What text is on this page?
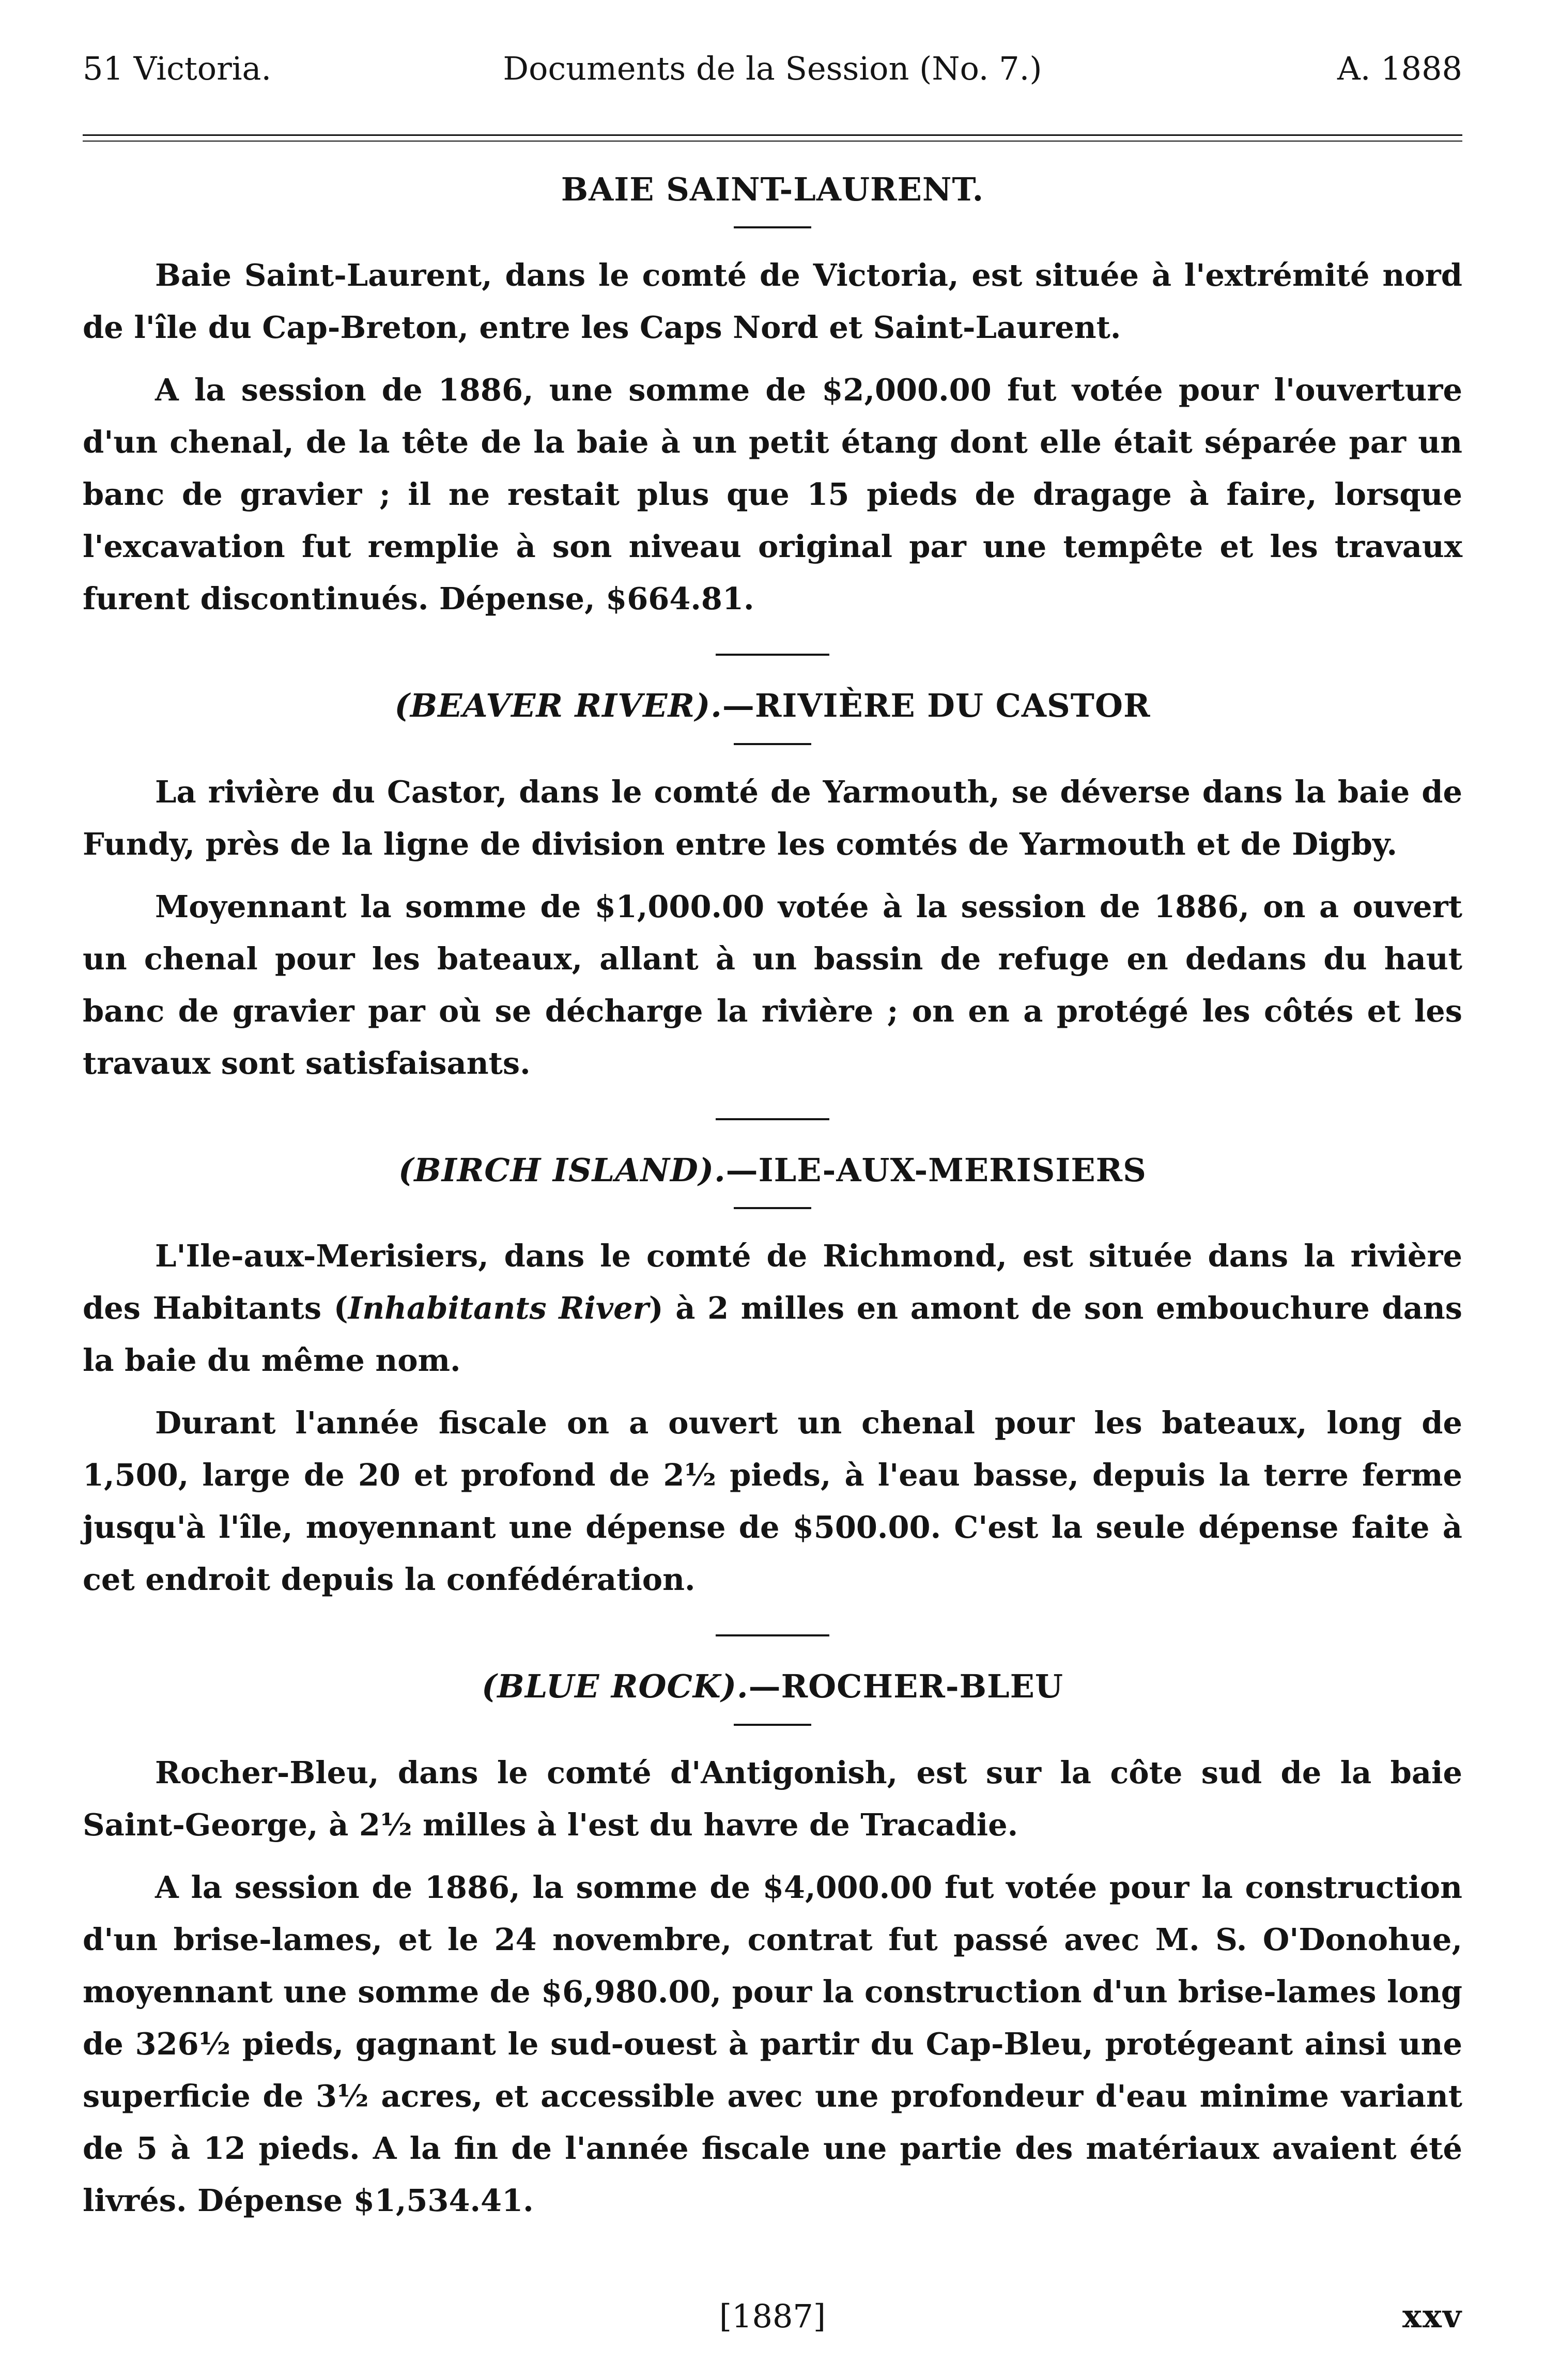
51 Victoria.	Documents de la Session (No. 7.)	A. 1888
BAIE SAINT-LAURENT.

Baie Saint-Laurent, dans le comté de Victoria, est située à l'extrémité nord de l'île du Cap-Breton, entre les Caps Nord et Saint-Laurent.

A la session de 1886, une somme de $2,000.00 fut votée pour l'ouverture d'un chenal, de la tête de la baie à un petit étang dont elle était séparée par un banc de gravier ; il ne restait plus que 15 pieds de dragage à faire, lorsque l'excavation fut remplie à son niveau original par une tempête et les travaux furent discontinués. Dépense, $664.81.

(BEAVER RIVER).—RIVIÈRE DU CASTOR

La rivière du Castor, dans le comté de Yarmouth, se déverse dans la baie de Fundy, près de la ligne de division entre les comtés de Yarmouth et de Digby.

Moyennant la somme de $1,000.00 votée à la session de 1886, on a ouvert un chenal pour les bateaux, allant à un bassin de refuge en dedans du haut banc de gravier par où se décharge la rivière ; on en a protégé les côtés et les travaux sont satisfaisants.

(BIRCH ISLAND).—ILE-AUX-MERISIERS

L'Ile-aux-Merisiers, dans le comté de Richmond, est située dans la rivière des Habitants (Inhabitants River) à 2 milles en amont de son embouchure dans la baie du même nom.

Durant l'année fiscale on a ouvert un chenal pour les bateaux, long de 1,500, large de 20 et profond de 2½ pieds, à l'eau basse, depuis la terre ferme jusqu'à l'île, moyennant une dépense de $500.00. C'est la seule dépense faite à cet endroit depuis la confédération.

(BLUE ROCK).—ROCHER-BLEU

Rocher-Bleu, dans le comté d'Antigonish, est sur la côte sud de la baie Saint-George, à 2½ milles à l'est du havre de Tracadie.

A la session de 1886, la somme de $4,000.00 fut votée pour la construction d'un brise-lames, et le 24 novembre, contrat fut passé avec M. S. O'Donohue, moyennant une somme de $6,980.00, pour la construction d'un brise-lames long de 326½ pieds, gagnant le sud-ouest à partir du Cap-Bleu, protégeant ainsi une superficie de 3½ acres, et accessible avec une profondeur d'eau minime variant de 5 à 12 pieds. A la fin de l'année fiscale une partie des matériaux avaient été livrés. Dépense $1,534.41.

[1887]	xxv
